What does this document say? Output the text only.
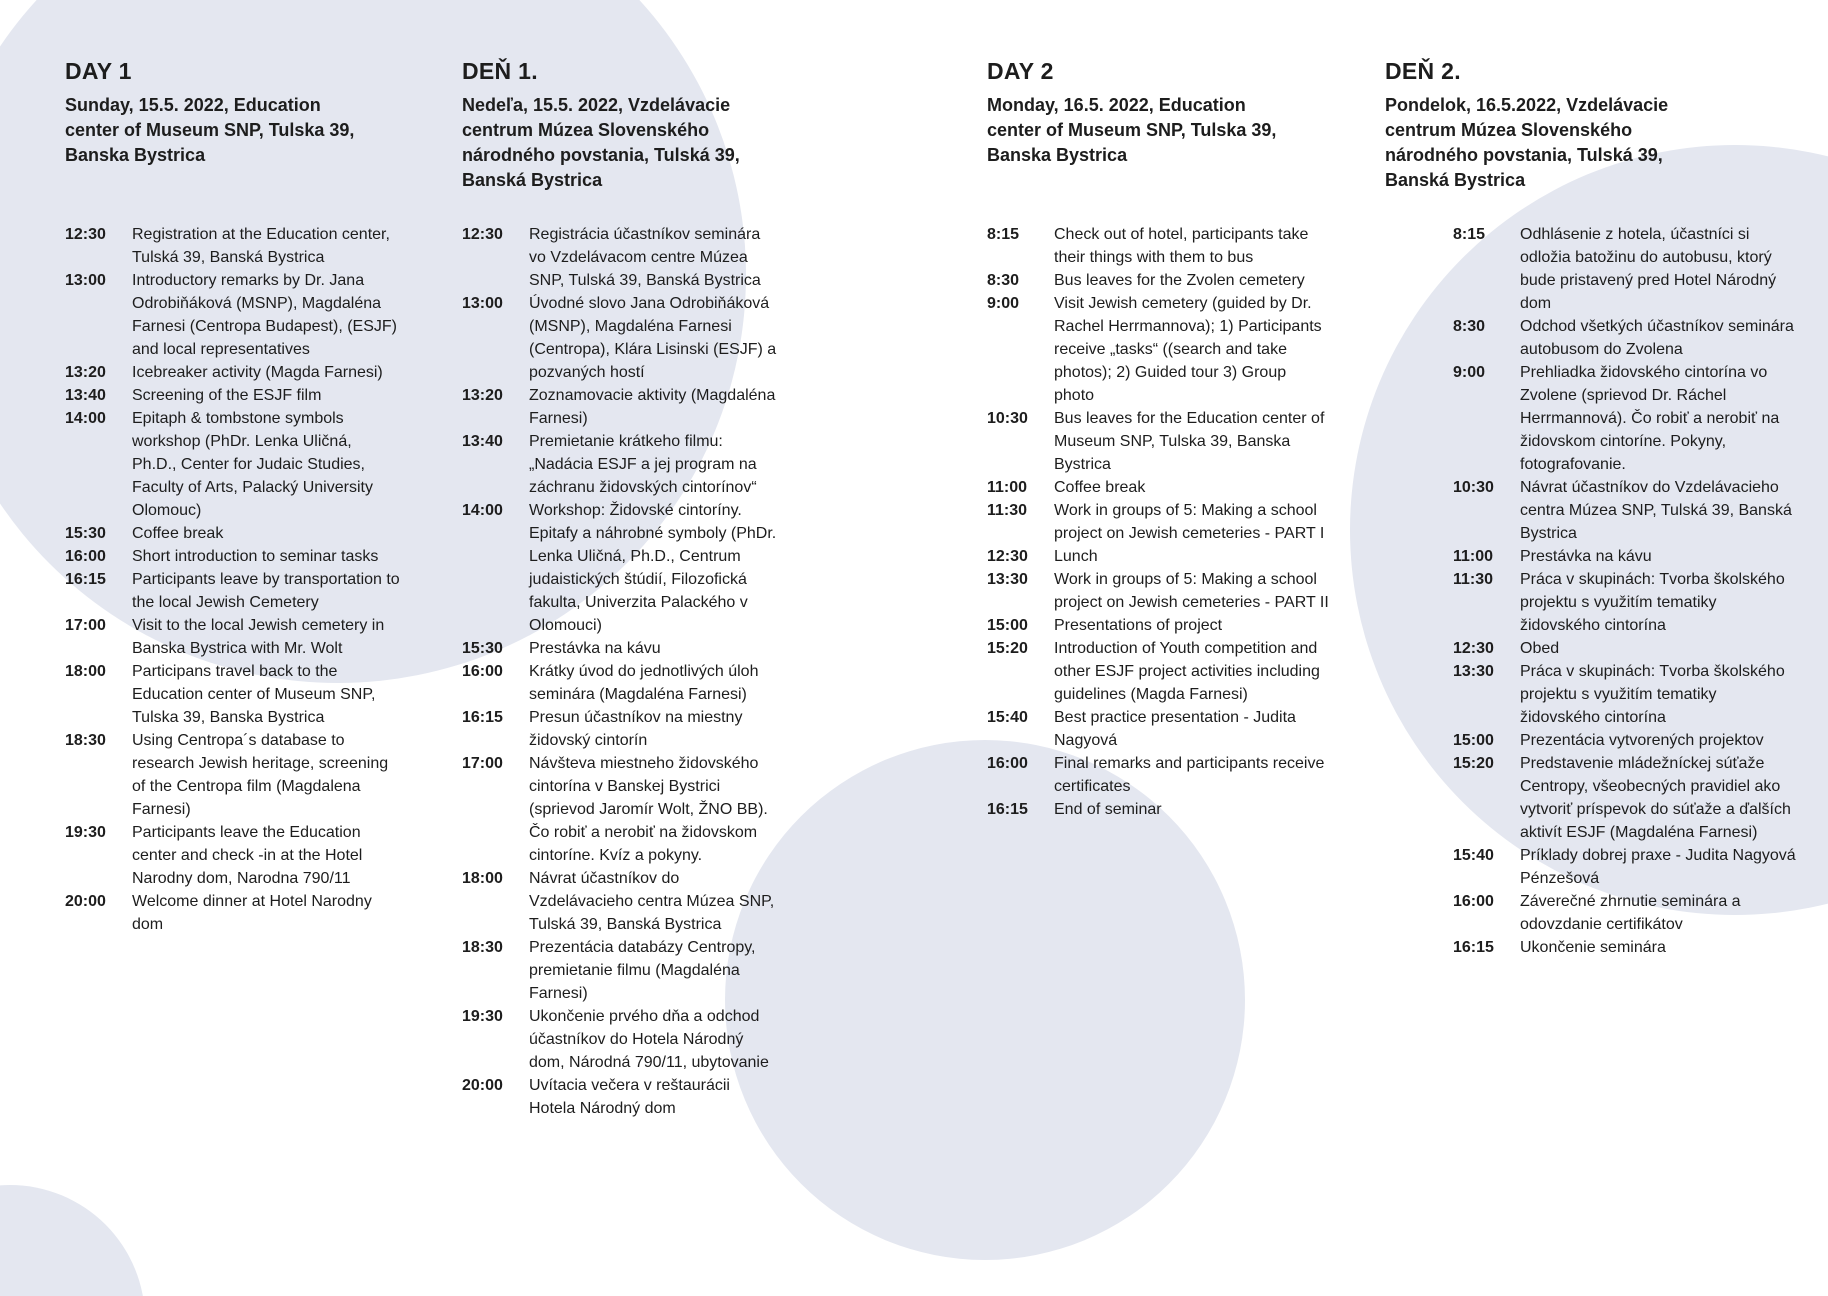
DAY 1

Sunday, 15.5. 2022, Education center of Museum SNP, Tulska 39, Banska Bystrica

12:30	Registration at the Education center, Tulská 39, Banská Bystrica
13:00	Introductory remarks by Dr. Jana Odrobiňáková (MSNP), Magdaléna Farnesi (Centropa Budapest), (ESJF) and local representatives
13:20	Icebreaker activity (Magda Farnesi)
13:40	Screening of the ESJF film
14:00	Epitaph & tombstone symbols workshop (PhDr. Lenka Uličná, Ph.D., Center for Judaic Studies, Faculty of Arts, Palacký University Olomouc)
15:30	Coffee break
16:00	Short introduction to seminar tasks
16:15	Participants leave by transportation to the local Jewish Cemetery
17:00	Visit to the local Jewish cemetery in Banska Bystrica with Mr. Wolt
18:00	Participans travel back to the Education center of Museum SNP, Tulska 39, Banska Bystrica
18:30	Using Centropa´s database to research Jewish heritage, screening of the Centropa film (Magdalena Farnesi)
19:30	Participants leave the Education center and check -in at the Hotel Narodny dom, Narodna 790/11
20:00	Welcome dinner at Hotel Narodny dom
DEŇ 1.

Nedeľa, 15.5. 2022, Vzdelávacie centrum Múzea Slovenského národného povstania, Tulská 39, Banská Bystrica

12:30	Registrácia účastníkov seminára vo Vzdelávacom centre Múzea SNP, Tulská 39, Banská Bystrica
13:00	Úvodné slovo Jana Odrobiňáková (MSNP), Magdaléna Farnesi (Centropa), Klára Lisinski (ESJF) a pozvaných hostí
13:20	Zoznamovacie aktivity (Magdaléna Farnesi)
13:40	Premietanie krátkeho filmu: „Nadácia ESJF a jej program na záchranu židovských cintorínov“
14:00	Workshop: Židovské cintoríny. Epitafy a náhrobné symboly (PhDr. Lenka Uličná, Ph.D., Centrum judaistických štúdií, Filozofická fakulta, Univerzita Palackého v Olomouci)
15:30	Prestávka na kávu
16:00	Krátky úvod do jednotlivých úloh seminára (Magdaléna Farnesi)
16:15	Presun účastníkov na miestny židovský cintorín
17:00	Návšteva miestneho židovského cintorína v Banskej Bystrici (sprievod Jaromír Wolt, ŽNO BB). Čo robiť a nerobiť na židovskom cintoríne. Kvíz a pokyny.
18:00	Návrat účastníkov do Vzdelávacieho centra Múzea SNP, Tulská 39, Banská Bystrica
18:30	Prezentácia databázy Centropy, premietanie filmu (Magdaléna Farnesi)
19:30	Ukončenie prvého dňa a odchod účastníkov do Hotela Národný dom, Národná 790/11, ubytovanie
20:00	Uvítacia večera v reštaurácii Hotela Národný dom
DAY 2

Monday, 16.5. 2022, Education center of Museum SNP, Tulska 39, Banska Bystrica

8:15	Check out of hotel, participants take their things with them to bus
8:30	Bus leaves for the Zvolen cemetery
9:00	Visit Jewish cemetery (guided by Dr. Rachel Herrmannova); 1) Participants receive „tasks“ ((search and take photos); 2) Guided tour 3) Group photo
10:30	Bus leaves for the Education center of Museum SNP, Tulska 39, Banska Bystrica
11:00	Coffee break
11:30	Work in groups of 5: Making a school project on Jewish cemeteries - PART I
12:30	Lunch
13:30	Work in groups of 5: Making a school project on Jewish cemeteries - PART II
15:00	Presentations of project
15:20	Introduction of Youth competition and other ESJF project activities including guidelines (Magda Farnesi)
15:40	Best practice presentation - Judita Nagyová
16:00	Final remarks and participants receive certificates
16:15	End of seminar
DEŇ 2.

Pondelok, 16.5.2022, Vzdelávacie centrum Múzea Slovenského národného povstania, Tulská 39, Banská Bystrica

8:15	Odhlásenie z hotela, účastníci si odložia batožinu do autobusu, ktorý bude pristavený pred Hotel Národný dom
8:30	Odchod všetkých účastníkov seminára autobusom do Zvolena
9:00	Prehliadka židovského cintorína vo Zvolene (sprievod Dr. Ráchel Herrmannová). Čo robiť a nerobiť na židovskom cintoríne. Pokyny, fotografovanie.
10:30	Návrat účastníkov do Vzdelávacieho centra Múzea SNP, Tulská 39, Banská Bystrica
11:00	Prestávka na kávu
11:30	Práca v skupinách: Tvorba školského projektu s využitím tematiky židovského cintorína
12:30	Obed
13:30	Práca v skupinách: Tvorba školského projektu s využitím tematiky židovského cintorína
15:00	Prezentácia vytvorených projektov
15:20	Predstavenie mládežníckej súťaže Centropy, všeobecných pravidiel ako vytvoriť príspevok do súťaže a ďalších aktivít ESJF (Magdaléna Farnesi)
15:40	Príklady dobrej praxe - Judita Nagyová Pénzešová
16:00	Záverečné zhrnutie seminára a odovzdanie certifikátov
16:15	Ukončenie seminára
